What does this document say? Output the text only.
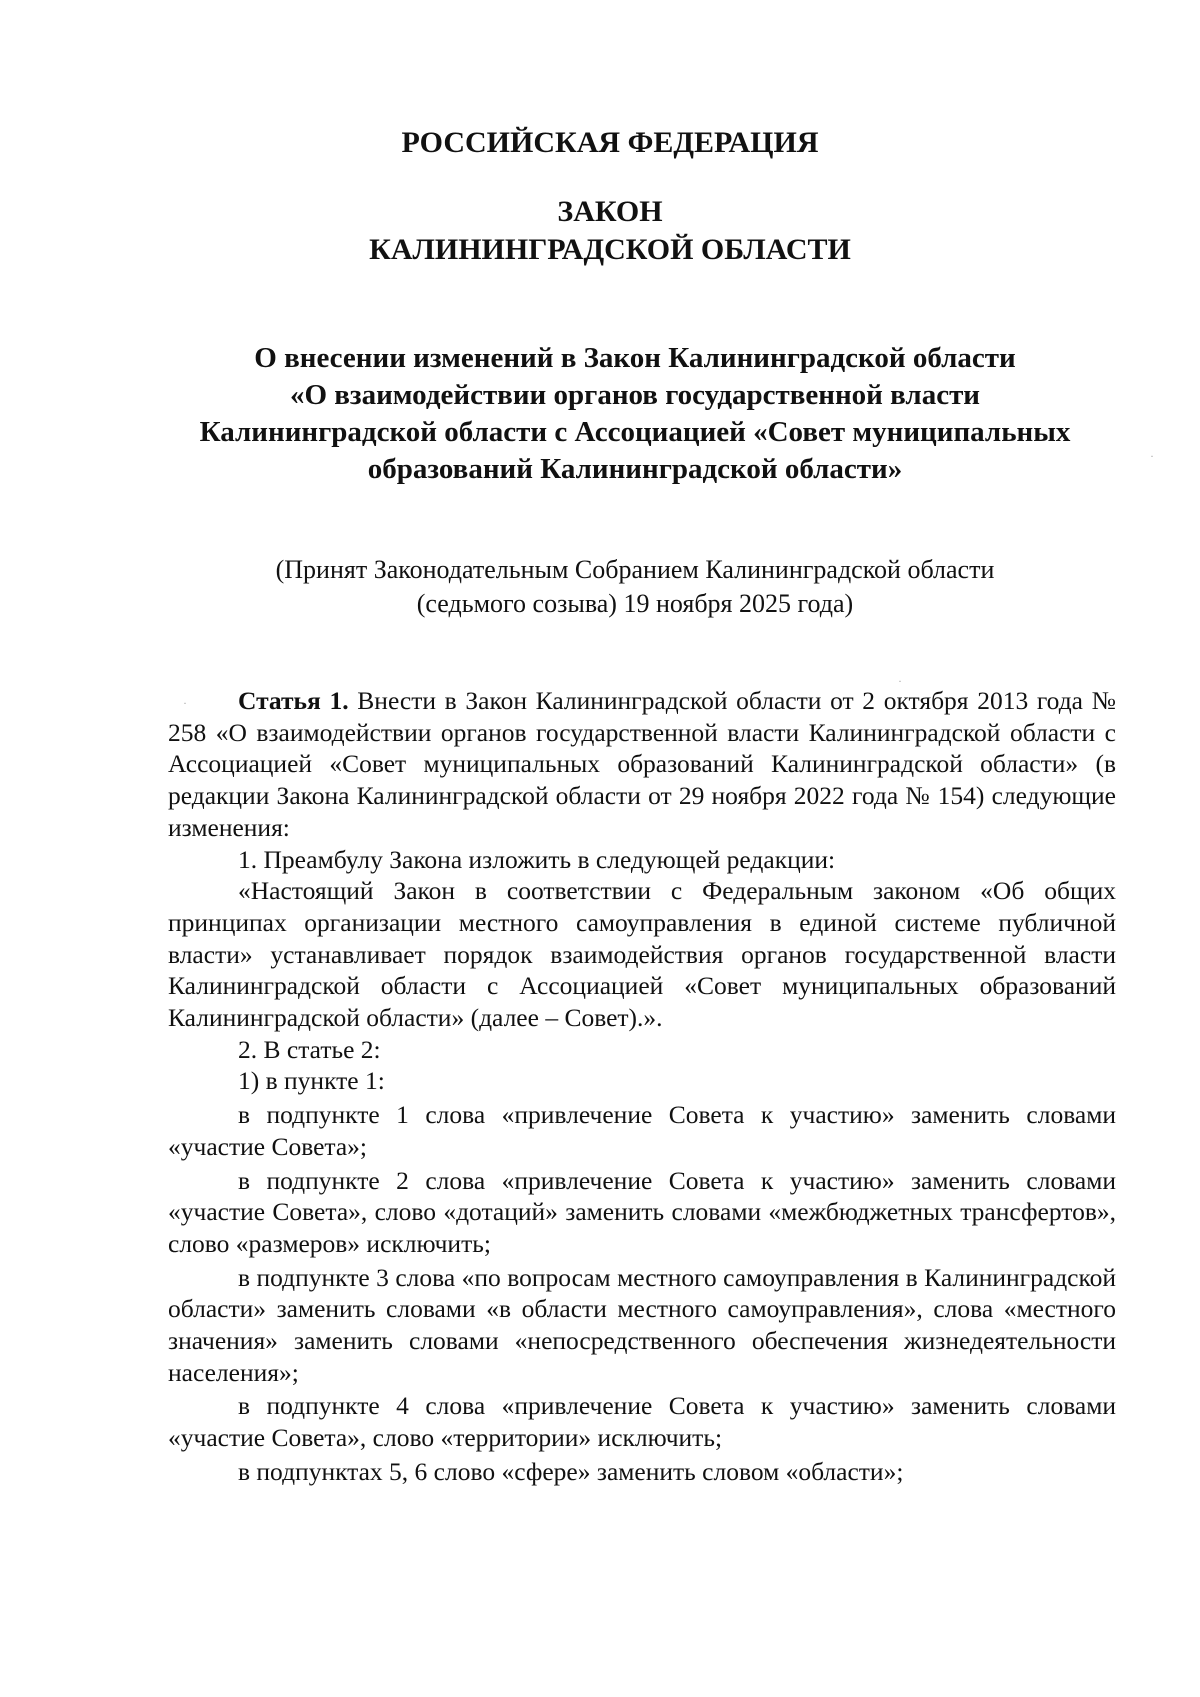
РОССИЙСКАЯ ФЕДЕРАЦИЯ
ЗАКОН
КАЛИНИНГРАДСКОЙ ОБЛАСТИ
О внесении изменений в Закон Калининградской области
«О взаимодействии органов государственной власти
Калининградской области с Ассоциацией «Совет муниципальных
образований Калининградской области»

(Принят Законодательным Собранием Калининградской области
(седьмого созыва) 19 ноября 2025 года)

Статья 1. Внести в Закон Калининградской области от 2 октября 2013 года № 258 «О взаимодействии органов государственной власти Калининградской области с Ассоциацией «Совет муниципальных образований Калининградской области» (в редакции Закона Калининградской области от 29 ноября 2022 года № 154) следующие изменения:

1. Преамбулу Закона изложить в следующей редакции:

«Настоящий Закон в соответствии с Федеральным законом «Об общих принципах организации местного самоуправления в единой системе публичной власти» устанавливает порядок взаимодействия органов государственной власти Калининградской области с Ассоциацией «Совет муниципальных образований Калининградской области» (далее – Совет).».

2. В статье 2:

1) в пункте 1:

в подпункте 1 слова «привлечение Совета к участию» заменить словами «участие Совета»;

в подпункте 2 слова «привлечение Совета к участию» заменить словами «участие Совета», слово «дотаций» заменить словами «межбюджетных трансфертов», слово «размеров» исключить;

в подпункте 3 слова «по вопросам местного самоуправления в Калининградской области» заменить словами «в области местного самоуправления», слова «местного значения» заменить словами «непосредственного обеспечения жизнедеятельности населения»;

в подпункте 4 слова «привлечение Совета к участию» заменить словами «участие Совета», слово «территории» исключить;

в подпунктах 5, 6 слово «сфере» заменить словом «области»;

·
·
·
